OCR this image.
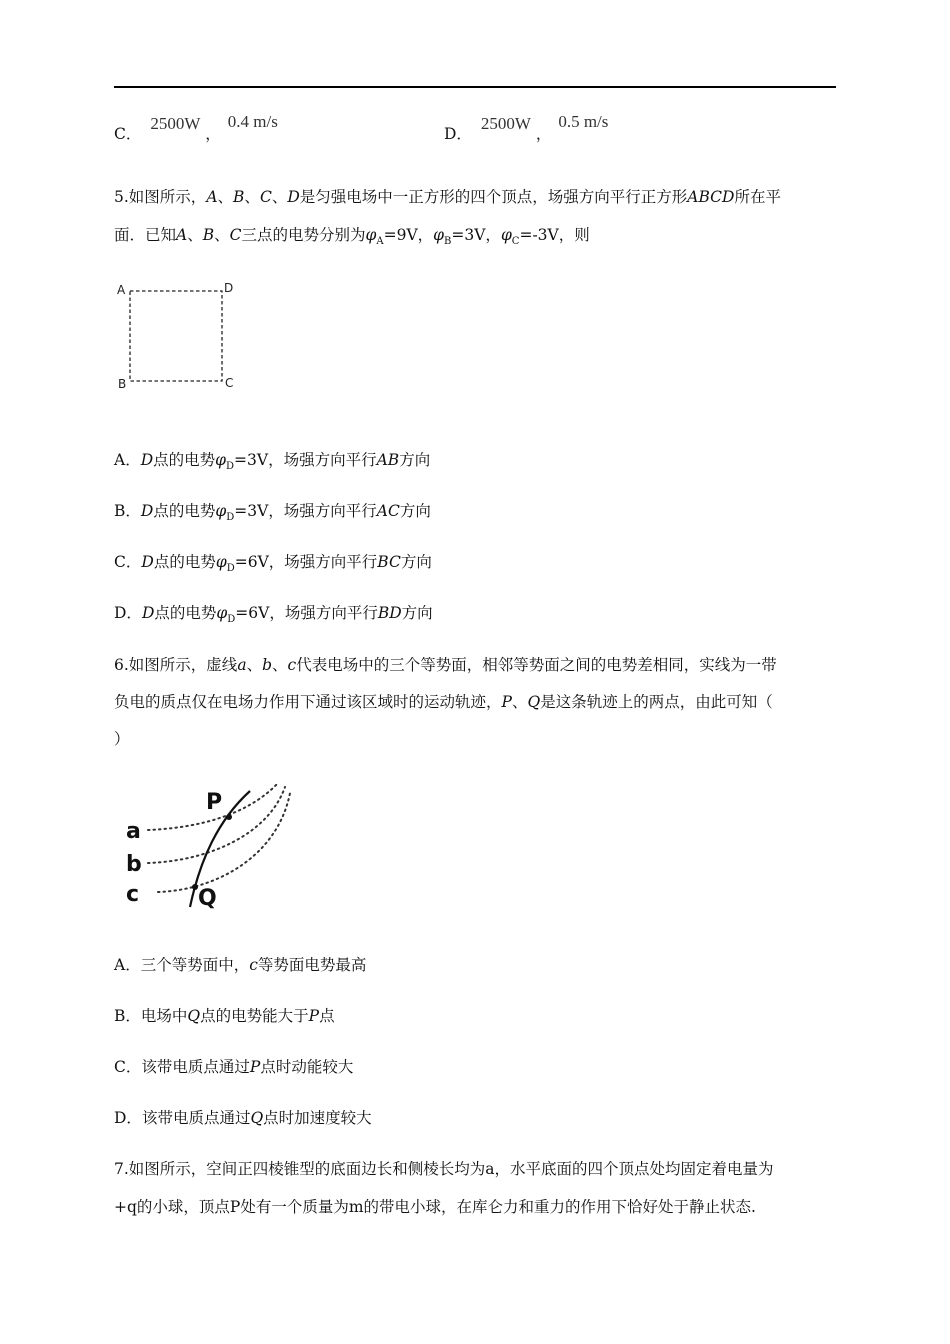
C． 2500W ， 0.4 m/s
D． 2500W ， 0.5 m/s
5.如图所示，A、B、C、D是匀强电场中一正方形的四个顶点，场强方向平行正方形ABCD所在平
面．已知A、B、C三点的电势分别为$\varphi_A=9V$，$\varphi_B=3V$，$\varphi_C=-3V$，则
A	D
B	C
A．D点的电势$\varphi_D=3V$，场强方向平行AB方向
B．D点的电势$\varphi_D=3V$，场强方向平行AC方向
C．D点的电势$\varphi_D=6V$，场强方向平行BC方向
D．D点的电势$\varphi_D=6V$，场强方向平行BD方向
6.如图所示，虚线a、b、c代表电场中的三个等势面，相邻等势面之间的电势差相同，实线为一带
负电的质点仅在电场力作用下通过该区域时的运动轨迹，P、Q是这条轨迹上的两点，由此可知（
）
P
Q
a
b
c
A．三个等势面中，c等势面电势最高
B．电场中Q点的电势能大于P点
C．该带电质点通过P点时动能较大
D．该带电质点通过Q点时加速度较大
7.如图所示，空间正四棱锥型的底面边长和侧棱长均为a，水平底面的四个顶点处均固定着电量为
+q的小球，顶点P处有一个质量为m的带电小球，在库仑力和重力的作用下恰好处于静止状态.
